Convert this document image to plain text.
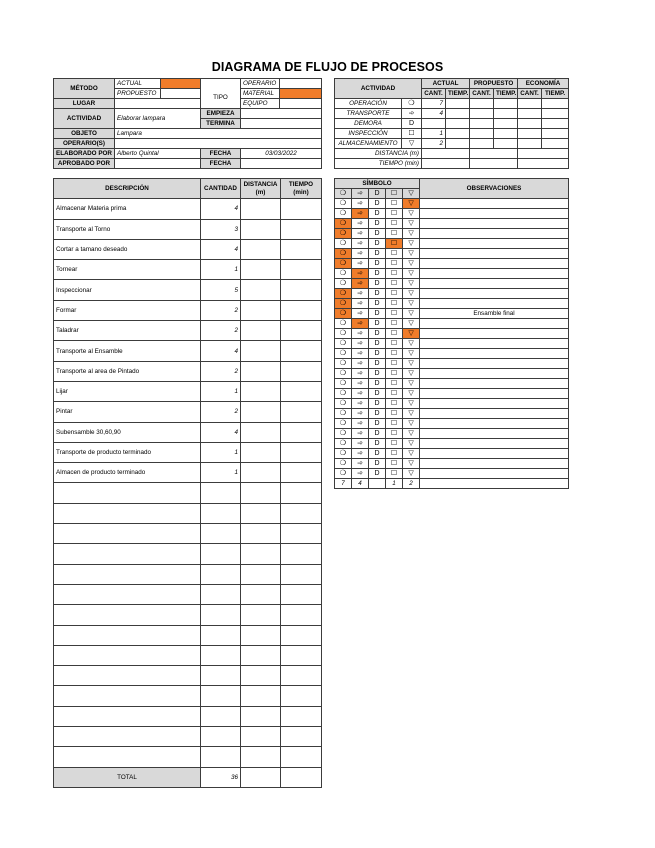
DIAGRAMA DE FLUJO DE PROCESOS
MÉTODO	ACTUAL		TIPO	OPERARIO	
	PROPUESTO			MATERIAL	
LUGAR				EQUIPO	
ACTIVIDAD	Elaborar lampara		EMPIEZA		
			TERMINA		
OBJETO	Lampara				
OPERARIO(S)					
ELABORADO POR	Alberto Quintal		FECHA	03/03/2022	
APROBADO POR			FECHA		
ACTIVIDAD		ACTUAL		PROPUESTO		ECONOMÍA	
		CANT.	TIEMP.	CANT.	TIEMP.	CANT.	TIEMP.
OPERACIÓN	❍	7					
TRANSPORTE	➾	4					
DEMORA	D						
INSPECCIÓN	☐	1					
ALMACENAMIENTO	▽	2					
DISTANCIA (m)							
TIEMPO (min)							
DESCRIPCIÓN	CANTIDAD	DISTANCIA (m)	TIEMPO (min)

Almacenar Materia prima	4		
Transporte al Torno	3		
Cortar a tamano deseado	4		
Tornear	1		
Inspeccionar	5		
Formar	2		
Taladrar	2		
Transporte al Ensamble	4		
Transporte al area de Pintado	2		
Lijar	1		
Pintar	2		
Subensamble 30,60,90	4		
Transporte de producto terminado	1		
Almacen de producto terminado	1		

TOTAL	36		
SÍMBOLO					OBSERVACIONES
❍	➾	D	☐	▽	
❍	➾	D	☐	▽	
❍	➾	D	☐	▽	
❍	➾	D	☐	▽	
❍	➾	D	☐	▽	
❍	➾	D	☐	▽	
❍	➾	D	☐	▽	
❍	➾	D	☐	▽	
❍	➾	D	☐	▽	
❍	➾	D	☐	▽	
❍	➾	D	☐	▽	
❍	➾	D	☐	▽	
❍	➾	D	☐	▽	Ensamble final
❍	➾	D	☐	▽	
❍	➾	D	☐	▽	
❍	➾	D	☐	▽	
❍	➾	D	☐	▽	
❍	➾	D	☐	▽	
❍	➾	D	☐	▽	
❍	➾	D	☐	▽	
❍	➾	D	☐	▽	
❍	➾	D	☐	▽	
❍	➾	D	☐	▽	
❍	➾	D	☐	▽	
❍	➾	D	☐	▽	
❍	➾	D	☐	▽	
❍	➾	D	☐	▽	
❍	➾	D	☐	▽	
❍	➾	D	☐	▽	
7	4		1	2	
